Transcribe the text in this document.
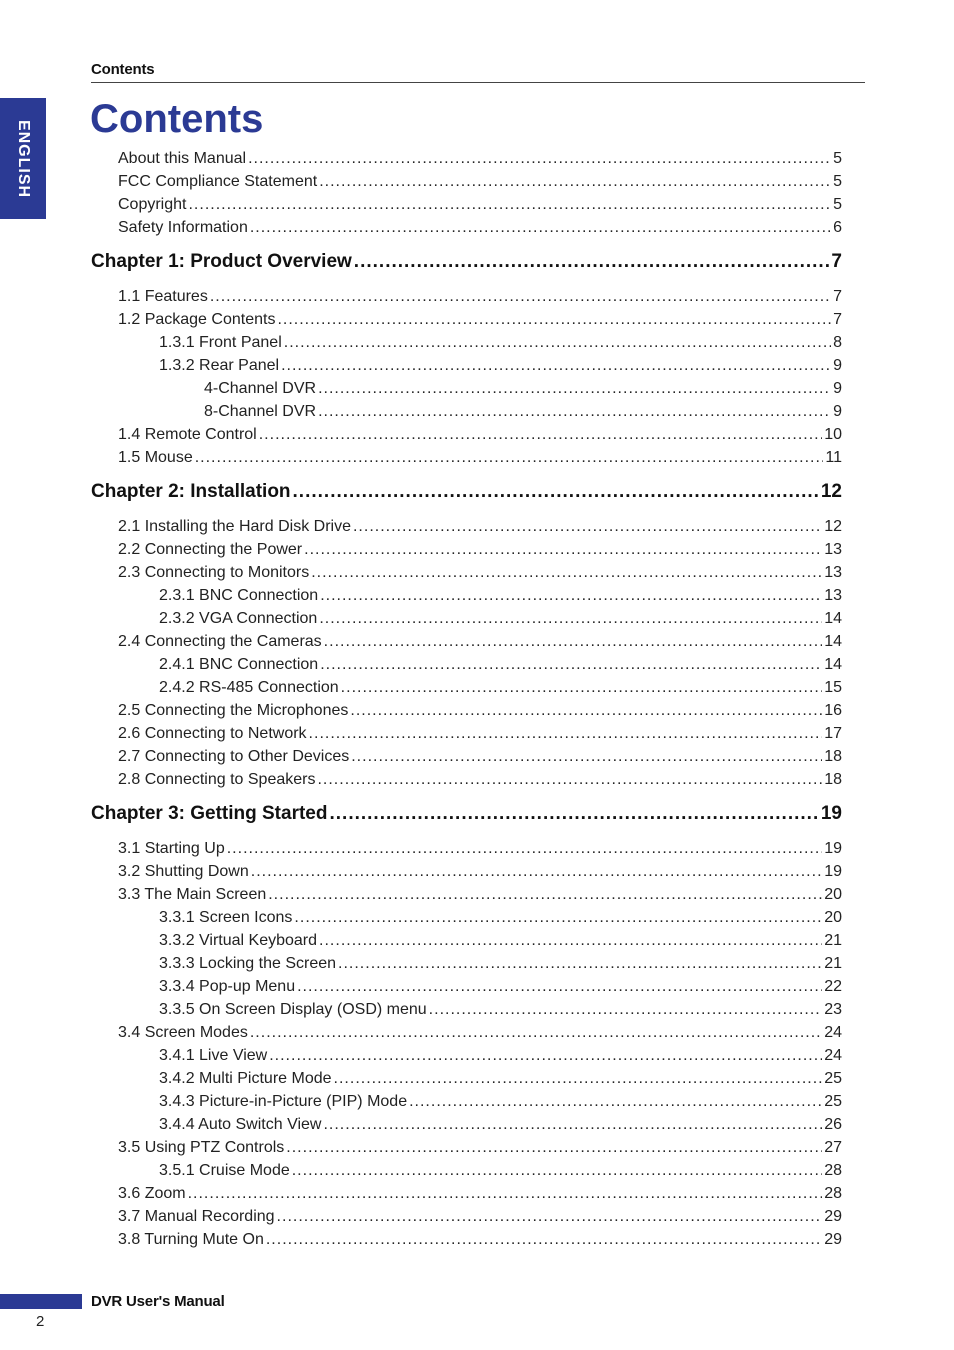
Contents
ENGLISH
Contents
About this Manual .....	5
FCC Compliance Statement .....	5
Copyright .....	5
Safety Information .....	6
Chapter 1: Product Overview .....	7
1.1 Features .....	7
1.2 Package Contents .....	7
1.3.1 Front Panel .....	8
1.3.2 Rear Panel .....	9
4-Channel DVR .....	9
8-Channel DVR .....	9
1.4 Remote Control .....	10
1.5 Mouse .....	11
Chapter 2: Installation .....	12
2.1 Installing the Hard Disk Drive .....	12
2.2 Connecting the Power .....	13
2.3 Connecting to Monitors .....	13
2.3.1 BNC Connection .....	13
2.3.2 VGA Connection .....	14
2.4 Connecting the Cameras .....	14
2.4.1 BNC Connection .....	14
2.4.2 RS-485 Connection .....	15
2.5 Connecting the Microphones .....	16
2.6 Connecting to Network .....	17
2.7 Connecting to Other Devices .....	18
2.8 Connecting to Speakers .....	18
Chapter 3: Getting Started .....	19
3.1 Starting Up .....	19
3.2 Shutting Down .....	19
3.3 The Main Screen .....	20
3.3.1 Screen Icons .....	20
3.3.2 Virtual Keyboard .....	21
3.3.3 Locking the Screen .....	21
3.3.4 Pop-up Menu .....	22
3.3.5 On Screen Display (OSD) menu .....	23
3.4 Screen Modes .....	24
3.4.1 Live View .....	24
3.4.2 Multi Picture Mode .....	25
3.4.3 Picture-in-Picture (PIP) Mode .....	25
3.4.4 Auto Switch View .....	26
3.5 Using PTZ Controls .....	27
3.5.1 Cruise Mode .....	28
3.6 Zoom .....	28
3.7 Manual Recording .....	29
3.8 Turning Mute On .....	29
DVR User's Manual
2
